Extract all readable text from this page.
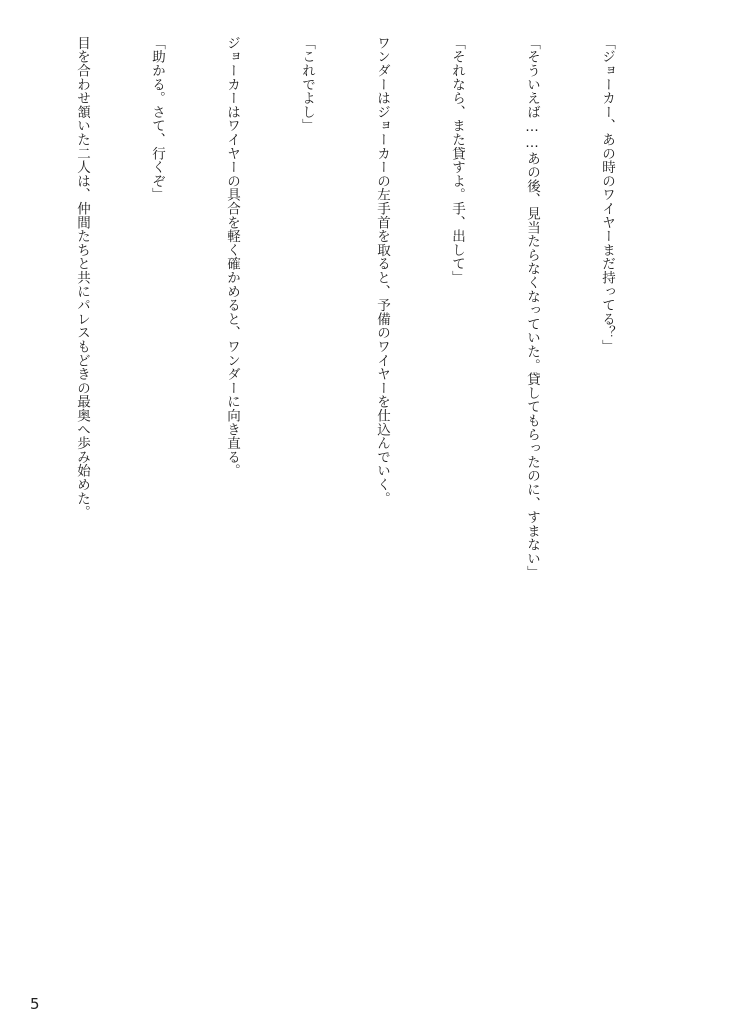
「ジョーカー、あの時のワイヤーまだ持ってる？」

「そういえば……あの後、見当たらなくなっていた。貸してもらったのに、すまない」

「それなら、また貸すよ。手、出して」

ワンダーはジョーカーの左手首を取ると、予備のワイヤーを仕込んでいく。

「これでよし」

ジョーカーはワイヤーの具合を軽く確かめると、ワンダーに向き直る。

「助かる。さて、行くぞ」

目を合わせ頷いた二人は、仲間たちと共にパレスもどきの最奥へ歩み始めた。

5
